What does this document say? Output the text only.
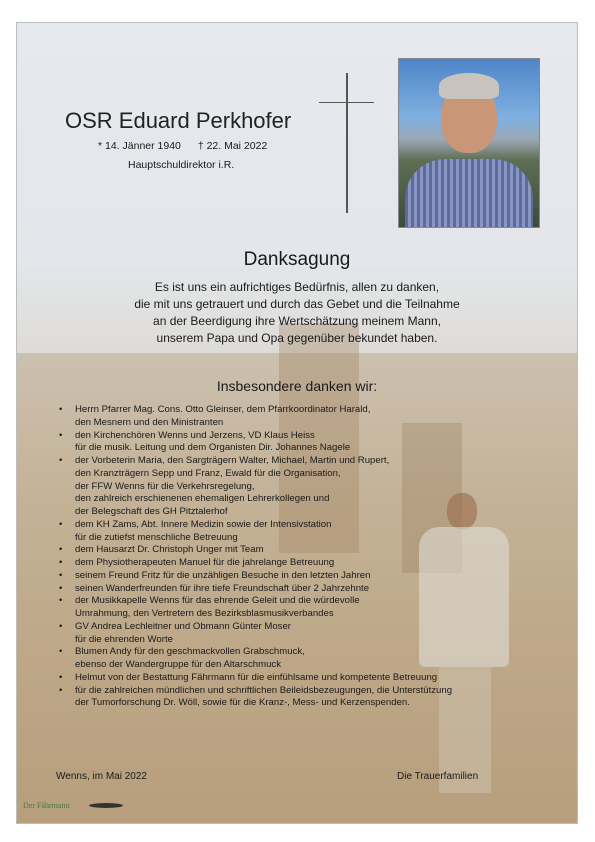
OSR Eduard Perkhofer
* 14. Jänner 1940 † 22. Mai 2022
Hauptschuldirektor i.R.
Danksagung
Es ist uns ein aufrichtiges Bedürfnis, allen zu danken,
die mit uns getrauert und durch das Gebet und die Teilnahme
an der Beerdigung ihre Wertschätzung meinem Mann,
unserem Papa und Opa gegenüber bekundet haben.
Insbesondere danken wir:
• Herrn Pfarrer Mag. Cons. Otto Gleinser, dem Pfarrkoordinator Harald,
den Mesnern und den Ministranten
• den Kirchenchören Wenns und Jerzens, VD Klaus Heiss
für die musik. Leitung und dem Organisten Dir. Johannes Nagele
• der Vorbeterin Maria, den Sargträgern Walter, Michael, Martin und Rupert,
den Kranzträgern Sepp und Franz, Ewald für die Organisation,
der FFW Wenns für die Verkehrsregelung,
den zahlreich erschienenen ehemaligen Lehrerkollegen und
der Belegschaft des GH Pitztalerhof
• dem KH Zams, Abt. Innere Medizin sowie der Intensivstation
für die zutiefst menschliche Betreuung
• dem Hausarzt Dr. Christoph Unger mit Team
• dem Physiotherapeuten Manuel für die jahrelange Betreuung
• seinem Freund Fritz für die unzähligen Besuche in den letzten Jahren
• seinen Wanderfreunden für ihre tiefe Freundschaft über 2 Jahrzehnte
• der Musikkapelle Wenns für das ehrende Geleit und die würdevolle
Umrahmung, den Vertretern des Bezirksblasmusikverbandes
• GV Andrea Lechleitner und Obmann Günter Moser
für die ehrenden Worte
• Blumen Andy für den geschmackvollen Grabschmuck,
ebenso der Wandergruppe für den Altarschmuck
• Helmut von der Bestattung Fährmann für die einfühlsame und kompetente Betreuung
• für die zahlreichen mündlichen und schriftlichen Beileidsbezeugungen, die Unterstützung
der Tumorforschung Dr. Wöll, sowie für die Kranz-, Mess- und Kerzenspenden.
Wenns, im Mai 2022	Die Trauerfamilien
Der Fährmann
